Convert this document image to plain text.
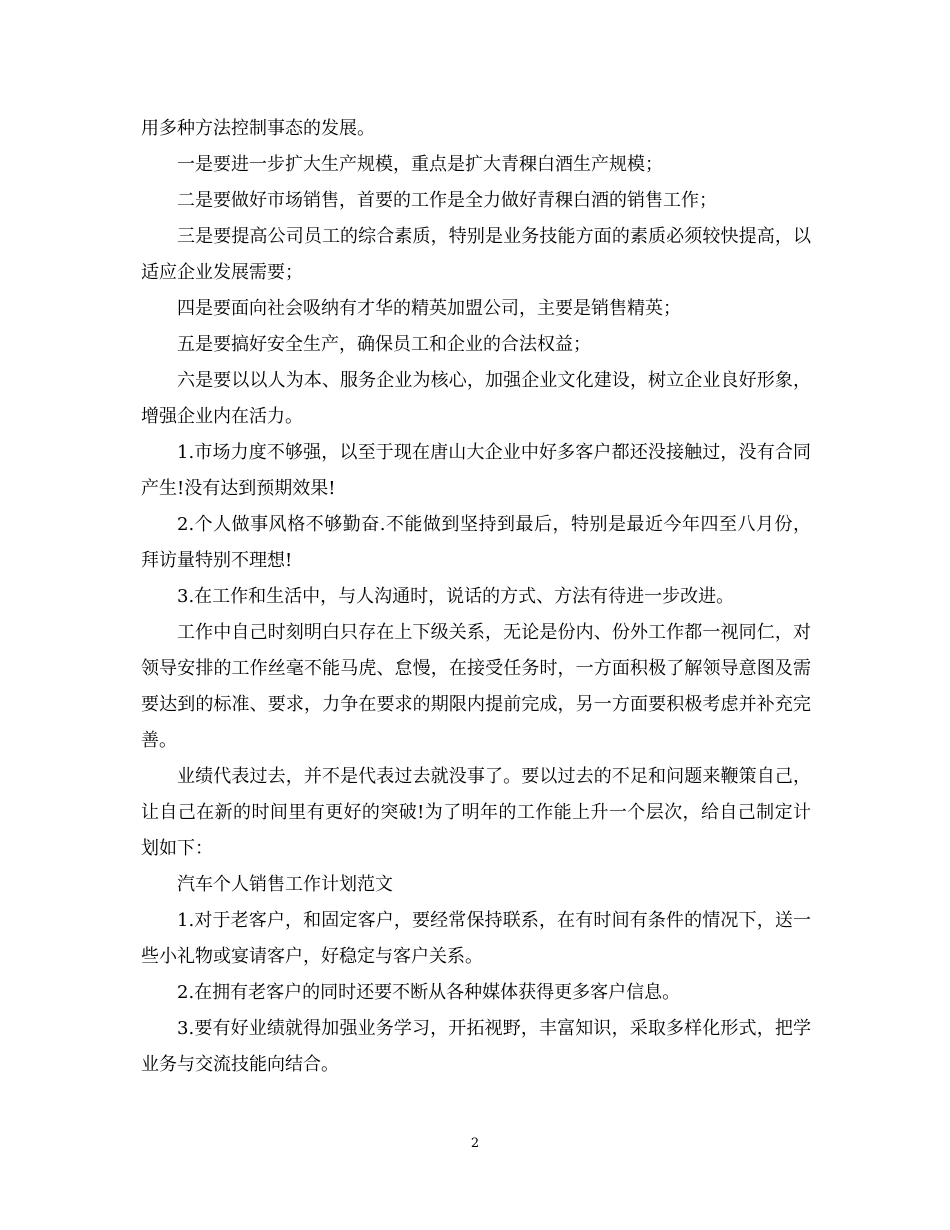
用多种方法控制事态的发展。

一是要进一步扩大生产规模，重点是扩大青稞白酒生产规模；

二是要做好市场销售，首要的工作是全力做好青稞白酒的销售工作；

三是要提高公司员工的综合素质，特别是业务技能方面的素质必须较快提高，以适应企业发展需要；

四是要面向社会吸纳有才华的精英加盟公司，主要是销售精英；

五是要搞好安全生产，确保员工和企业的合法权益；

六是要以以人为本、服务企业为核心，加强企业文化建设，树立企业良好形象，增强企业内在活力。

1.市场力度不够强，以至于现在唐山大企业中好多客户都还没接触过，没有合同产生!没有达到预期效果!

2.个人做事风格不够勤奋.不能做到坚持到最后，特别是最近今年四至八月份，拜访量特别不理想!

3.在工作和生活中，与人沟通时，说话的方式、方法有待进一步改进。

工作中自己时刻明白只存在上下级关系，无论是份内、份外工作都一视同仁，对领导安排的工作丝毫不能马虎、怠慢，在接受任务时，一方面积极了解领导意图及需要达到的标准、要求，力争在要求的期限内提前完成，另一方面要积极考虑并补充完善。

业绩代表过去，并不是代表过去就没事了。要以过去的不足和问题来鞭策自己，让自己在新的时间里有更好的突破!为了明年的工作能上升一个层次，给自己制定计划如下：

汽车个人销售工作计划范文

1.对于老客户，和固定客户，要经常保持联系，在有时间有条件的情况下，送一些小礼物或宴请客户，好稳定与客户关系。

2.在拥有老客户的同时还要不断从各种媒体获得更多客户信息。

3.要有好业绩就得加强业务学习，开拓视野，丰富知识，采取多样化形式，把学业务与交流技能向结合。

2
